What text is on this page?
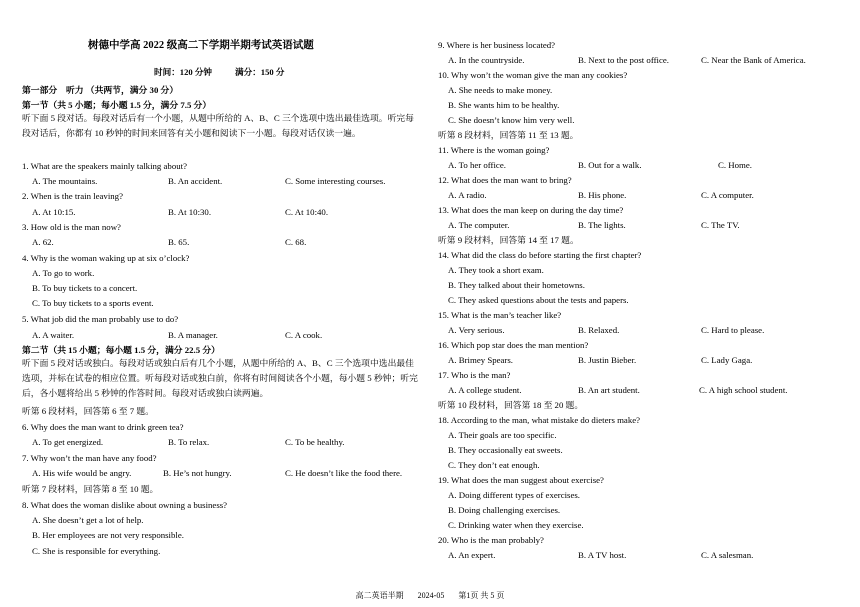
树德中学高 2022 级高二下学期半期考试英语试题
时间：120 分钟	满分：150 分
第一部分　听力 （共两节，满分 30 分）
第一节（共 5 小题；每小题 1.5 分，满分 7.5 分）
听下面 5 段对话。每段对话后有一个小题，从题中所给的 A、B、C 三个选项中选出最佳选项。听完每段对话后，你都有 10 秒钟的时间来回答有关小题和阅读下一小题。每段对话仅读一遍。
1. What are the speakers mainly talking about?
A. The mountains.	B. An accident.	C. Some interesting courses.
2. When is the train leaving?
A. At 10:15.	B. At 10:30.	C. At 10:40.
3. How old is the man now?
A. 62.	B. 65.	C. 68.
4. Why is the woman waking up at six o’clock?
A. To go to work.
B. To buy tickets to a concert.
C. To buy tickets to a sports event.
5. What job did the man probably use to do?
A. A waiter.	B. A manager.	C. A cook.
第二节（共 15 小题；每小题 1.5 分，满分 22.5 分）
听下面 5 段对话或独白。每段对话或独白后有几个小题，从题中所给的 A、B、C 三个选项中选出最佳选项，并标在试卷的相应位置。听每段对话或独白前，你将有时间阅读各个小题，每小题 5 秒钟；听完后，各小题将给出 5 秒钟的作答时间。每段对话或独白读两遍。
听第 6 段材料，回答第 6 至 7 题。
6. Why does the man want to drink green tea?
A. To get energized.	B. To relax.	C. To be healthy.
7. Why won’t the man have any food?
A. His wife would be angry.	B. He’s not hungry.	C. He doesn’t like the food there.
听第 7 段材料，回答第 8 至 10 题。
8. What does the woman dislike about owning a business?
A. She doesn’t get a lot of help.
B. Her employees are not very responsible.
C. She is responsible for everything.
9. Where is her business located?
A. In the countryside.	B. Next to the post office.	C. Near the Bank of America.
10. Why won’t the woman give the man any cookies?
A. She needs to make money.
B. She wants him to be healthy.
C. She doesn’t know him very well.
听第 8 段材料，回答第 11 至 13 题。
11. Where is the woman going?
A. To her office.	B. Out for a walk.	C. Home.
12. What does the man want to bring?
A. A radio.	B. His phone.	C. A computer.
13. What does the man keep on during the day time?
A. The computer.	B. The lights.	C. The TV.
听第 9 段材料，回答第 14 至 17 题。
14. What did the class do before starting the first chapter?
A. They took a short exam.
B. They talked about their hometowns.
C. They asked questions about the tests and papers.
15. What is the man’s teacher like?
A. Very serious.	B. Relaxed.	C. Hard to please.
16. Which pop star does the man mention?
A. Brimey Spears.	B. Justin Bieber.	C. Lady Gaga.
17. Who is the man?
A. A college student.	B. An art student.	C. A high school student.
听第 10 段材料，回答第 18 至 20 题。
18. According to the man, what mistake do dieters make?
A. Their goals are too specific.
B. They occasionally eat sweets.
C. They don’t eat enough.
19. What does the man suggest about exercise?
A. Doing different types of exercises.
B. Doing challenging exercises.
C. Drinking water when they exercise.
20. Who is the man probably?
A. An expert.	B. A TV host.	C. A salesman.
高二英语半期 2024-05 第1页 共 5 页
